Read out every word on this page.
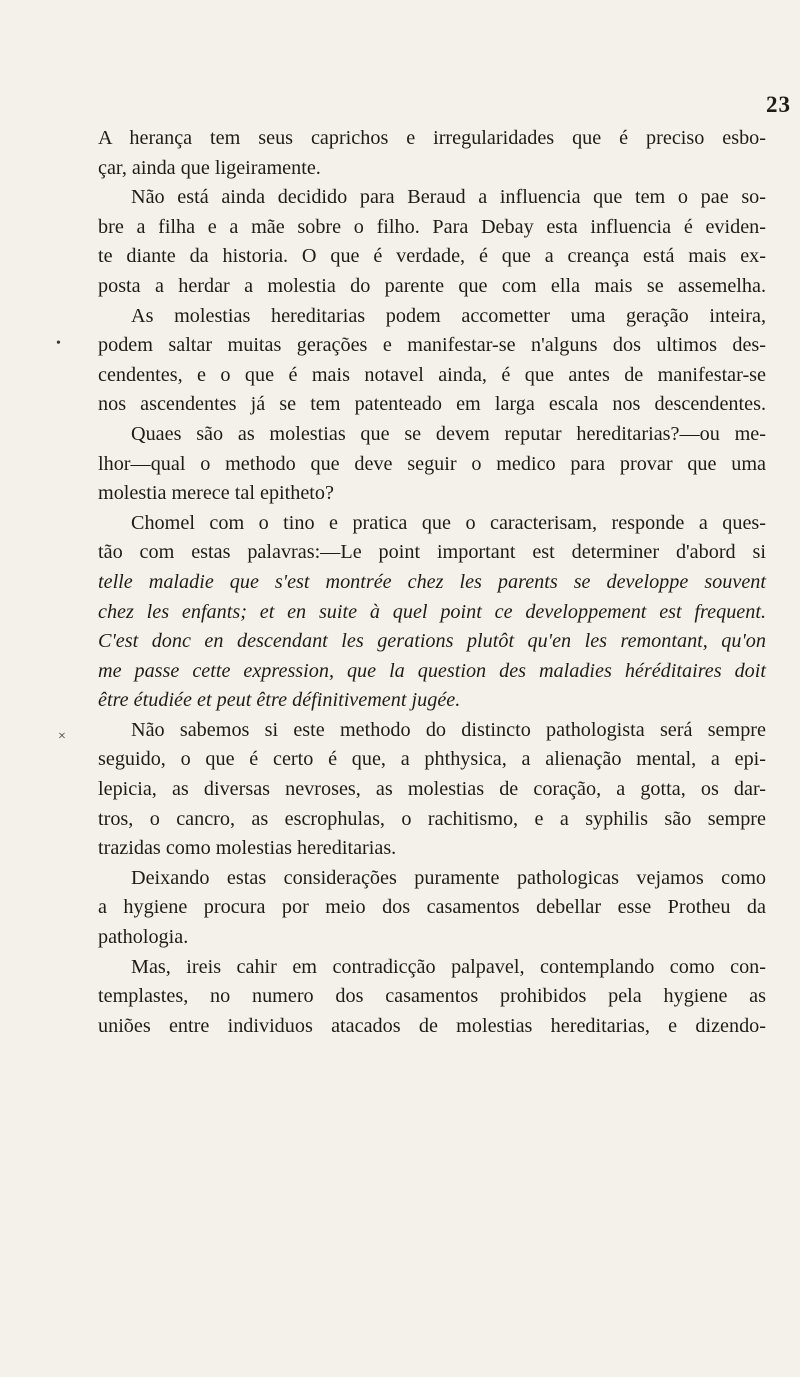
23
•
×

A herança tem seus caprichos e irregularidades que é preciso esbo-
çar, ainda que ligeiramente.

Não está ainda decidido para Beraud a influencia que tem o pae so-
bre a filha e a mãe sobre o filho. Para Debay esta influencia é eviden-
te diante da historia. O que é verdade, é que a creança está mais ex-
posta a herdar a molestia do parente que com ella mais se assemelha.

As molestias hereditarias podem accometter uma geração inteira,
podem saltar muitas gerações e manifestar-se n'alguns dos ultimos des-
cendentes, e o que é mais notavel ainda, é que antes de manifestar-se
nos ascendentes já se tem patenteado em larga escala nos descendentes.

Quaes são as molestias que se devem reputar hereditarias?—ou me-
lhor—qual o methodo que deve seguir o medico para provar que uma
molestia merece tal epitheto?

Chomel com o tino e pratica que o caracterisam, responde a ques-
tão com estas palavras:—Le point important est determiner d'abord si
telle maladie que s'est montrée chez les parents se developpe souvent
chez les enfants; et en suite à quel point ce developpement est frequent.
C'est donc en descendant les gerations plutôt qu'en les remontant, qu'on
me passe cette expression, que la question des maladies héréditaires doit
être étudiée et peut être définitivement jugée.

Não sabemos si este methodo do distincto pathologista será sempre
seguido, o que é certo é que, a phthysica, a alienação mental, a epi-
lepicia, as diversas nevroses, as molestias de coração, a gotta, os dar-
tros, o cancro, as escrophulas, o rachitismo, e a syphilis são sempre
trazidas como molestias hereditarias.

Deixando estas considerações puramente pathologicas vejamos como
a hygiene procura por meio dos casamentos debellar esse Protheu da
pathologia.

Mas, ireis cahir em contradicção palpavel, contemplando como con-
templastes, no numero dos casamentos prohibidos pela hygiene as
uniões entre individuos atacados de molestias hereditarias, e dizendo-
